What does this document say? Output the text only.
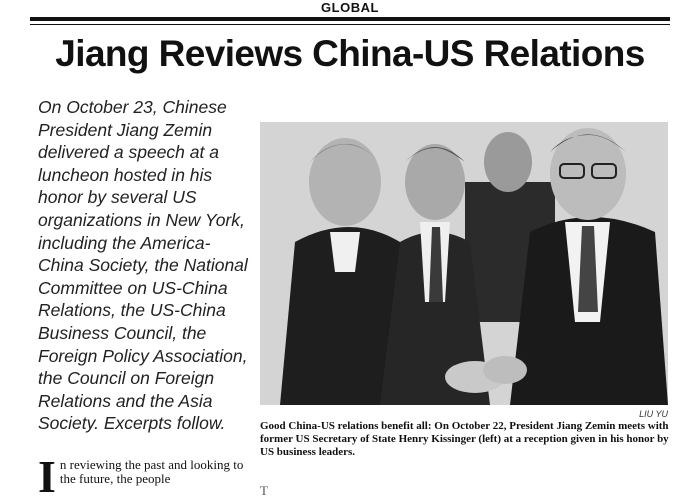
GLOBAL
Jiang Reviews China-US Relations

On October 23, Chinese President Jiang Zemin delivered a speech at a luncheon hosted in his honor by several US organizations in New York, including the America-China Society, the National Committee on US-China Relations, the US-China Business Council, the Foreign Policy Association, the Council on Foreign Relations and the Asia Society. Excerpts follow.	LIU YU

Good China-US relations benefit all: On October 22, President Jiang Zemin meets with former US Secretary of State Henry Kissinger (left) at a reception given in his honor by US business leaders.

In reviewing the past and looking to the future, the people

T
